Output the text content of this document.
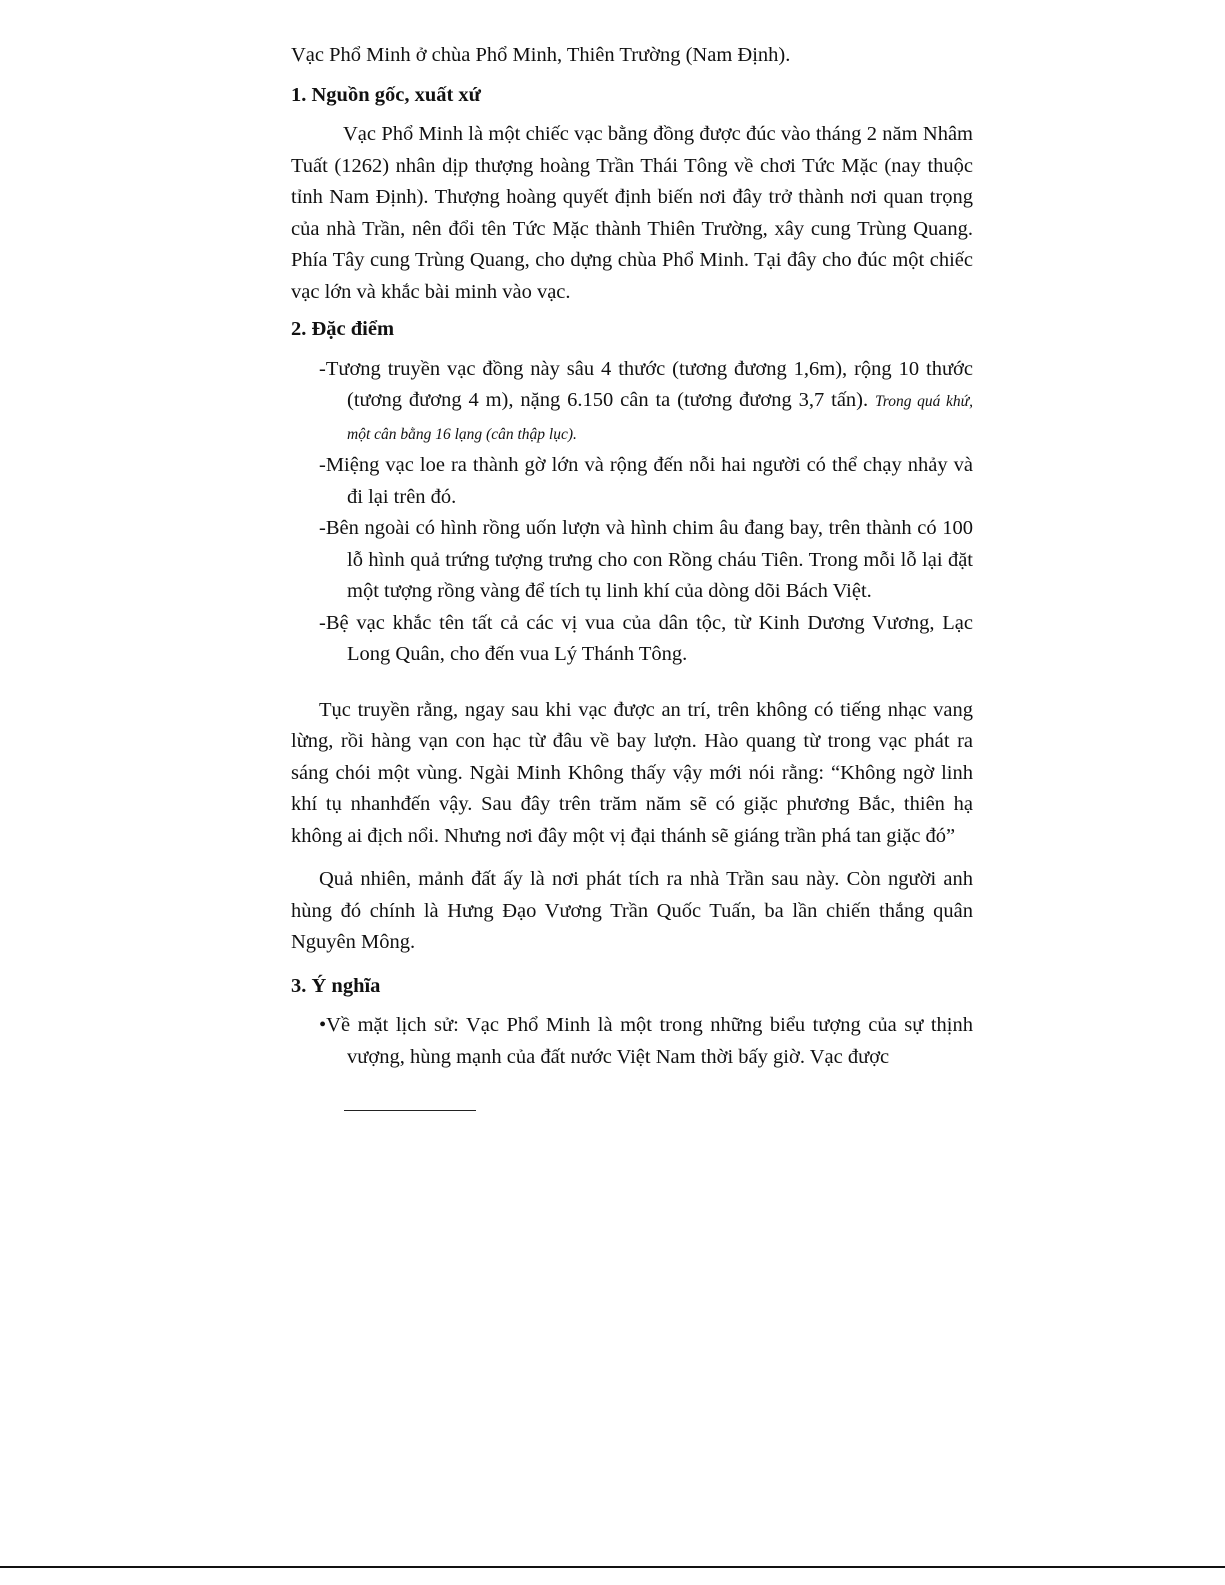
Vạc Phổ Minh ở chùa Phổ Minh, Thiên Trường (Nam Định).

1. Nguồn gốc, xuất xứ

Vạc Phổ Minh là một chiếc vạc bằng đồng được đúc vào tháng 2 năm Nhâm Tuất (1262) nhân dịp thượng hoàng Trần Thái Tông về chơi Tức Mặc (nay thuộc tỉnh Nam Định). Thượng hoàng quyết định biến nơi đây trở thành nơi quan trọng của nhà Trần, nên đổi tên Tức Mặc thành Thiên Trường, xây cung Trùng Quang. Phía Tây cung Trùng Quang, cho dựng chùa Phổ Minh. Tại đây cho đúc một chiếc vạc lớn và khắc bài minh vào vạc.

2. Đặc điểm

-Tương truyền vạc đồng này sâu 4 thước (tương đương 1,6m), rộng 10 thước (tương đương 4 m), nặng 6.150 cân ta (tương đương 3,7 tấn). Trong quá khứ, một cân bằng 16 lạng (cân thập lục).
-Miệng vạc loe ra thành gờ lớn và rộng đến nỗi hai người có thể chạy nhảy và đi lại trên đó.
-Bên ngoài có hình rồng uốn lượn và hình chim âu đang bay, trên thành có 100 lỗ hình quả trứng tượng trưng cho con Rồng cháu Tiên. Trong mỗi lỗ lại đặt một tượng rồng vàng để tích tụ linh khí của dòng dõi Bách Việt.
-Bệ vạc khắc tên tất cả các vị vua của dân tộc, từ Kinh Dương Vương, Lạc Long Quân, cho đến vua Lý Thánh Tông.

Tục truyền rằng, ngay sau khi vạc được an trí, trên không có tiếng nhạc vang lừng, rồi hàng vạn con hạc từ đâu về bay lượn. Hào quang từ trong vạc phát ra sáng chói một vùng. Ngài Minh Không thấy vậy mới nói rằng: “Không ngờ linh khí tụ nhanhđến vậy. Sau đây trên trăm năm sẽ có giặc phương Bắc, thiên hạ không ai địch nổi. Nhưng nơi đây một vị đại thánh sẽ giáng trần phá tan giặc đó”

Quả nhiên, mảnh đất ấy là nơi phát tích ra nhà Trần sau này. Còn người anh hùng đó chính là Hưng Đạo Vương Trần Quốc Tuấn, ba lần chiến thắng quân Nguyên Mông.

3. Ý nghĩa

•Về mặt lịch sử: Vạc Phổ Minh là một trong những biểu tượng của sự thịnh vượng, hùng mạnh của đất nước Việt Nam thời bấy giờ. Vạc được
